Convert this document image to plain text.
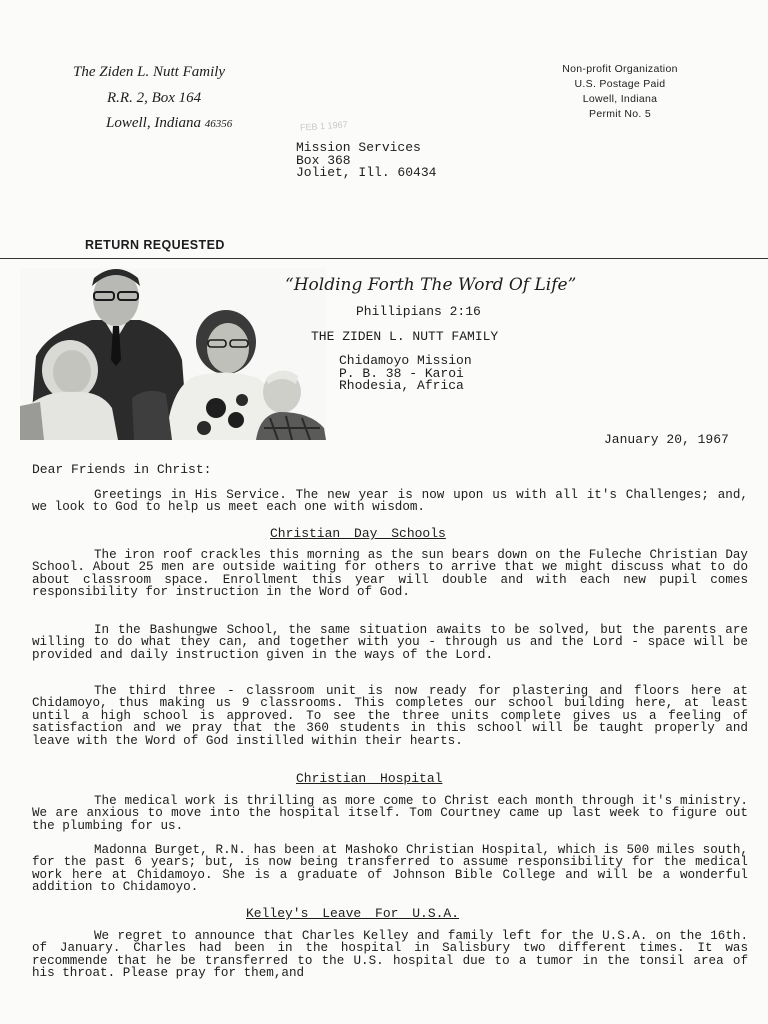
The Ziden L. Nutt Family
R.R. 2, Box 164
Lowell, Indiana 46356
Non-profit Organization
U.S. Postage Paid
Lowell, Indiana
Permit No. 5
FEB 1 1967
Mission Services
Box 368
Joliet, Ill. 60434
RETURN REQUESTED
“Holding Forth The Word Of Life”
Phillipians 2:16
THE ZIDEN L. NUTT FAMILY
Chidamoyo Mission
P. B. 38 - Karoi
Rhodesia, Africa
January 20, 1967
Dear Friends in Christ:
Greetings in His Service. The new year is now upon us with all it's Challenges; and, we look to God to help us meet each one with wisdom.
Christian Day Schools
The iron roof crackles this morning as the sun bears down on the Fuleche Christian Day School. About 25 men are outside waiting for others to arrive that we might discuss what to do about classroom space. Enrollment this year will double and with each new pupil comes responsibility for instruction in the Word of God.
In the Bashungwe School, the same situation awaits to be solved, but the parents are willing to do what they can, and together with you - through us and the Lord - space will be provided and daily instruction given in the ways of the Lord.
The third three - classroom unit is now ready for plastering and floors here at Chidamoyo, thus making us 9 classrooms. This completes our school building here, at least until a high school is approved. To see the three units complete gives us a feeling of satisfaction and we pray that the 360 students in this school will be taught properly and leave with the Word of God instilled within their hearts.
Christian Hospital
The medical work is thrilling as more come to Christ each month through it's ministry. We are anxious to move into the hospital itself. Tom Courtney came up last week to figure out the plumbing for us.
Madonna Burget, R.N. has been at Mashoko Christian Hospital, which is 500 miles south, for the past 6 years; but, is now being transferred to assume responsibility for the medical work here at Chidamoyo. She is a graduate of Johnson Bible College and will be a wonderful addition to Chidamoyo.
Kelley's Leave For U.S.A.
We regret to announce that Charles Kelley and family left for the U.S.A. on the 16th. of January. Charles had been in the hospital in Salisbury two different times. It was recommende that he be transferred to the U.S. hospital due to a tumor in the tonsil area of his throat. Please pray for them,and
